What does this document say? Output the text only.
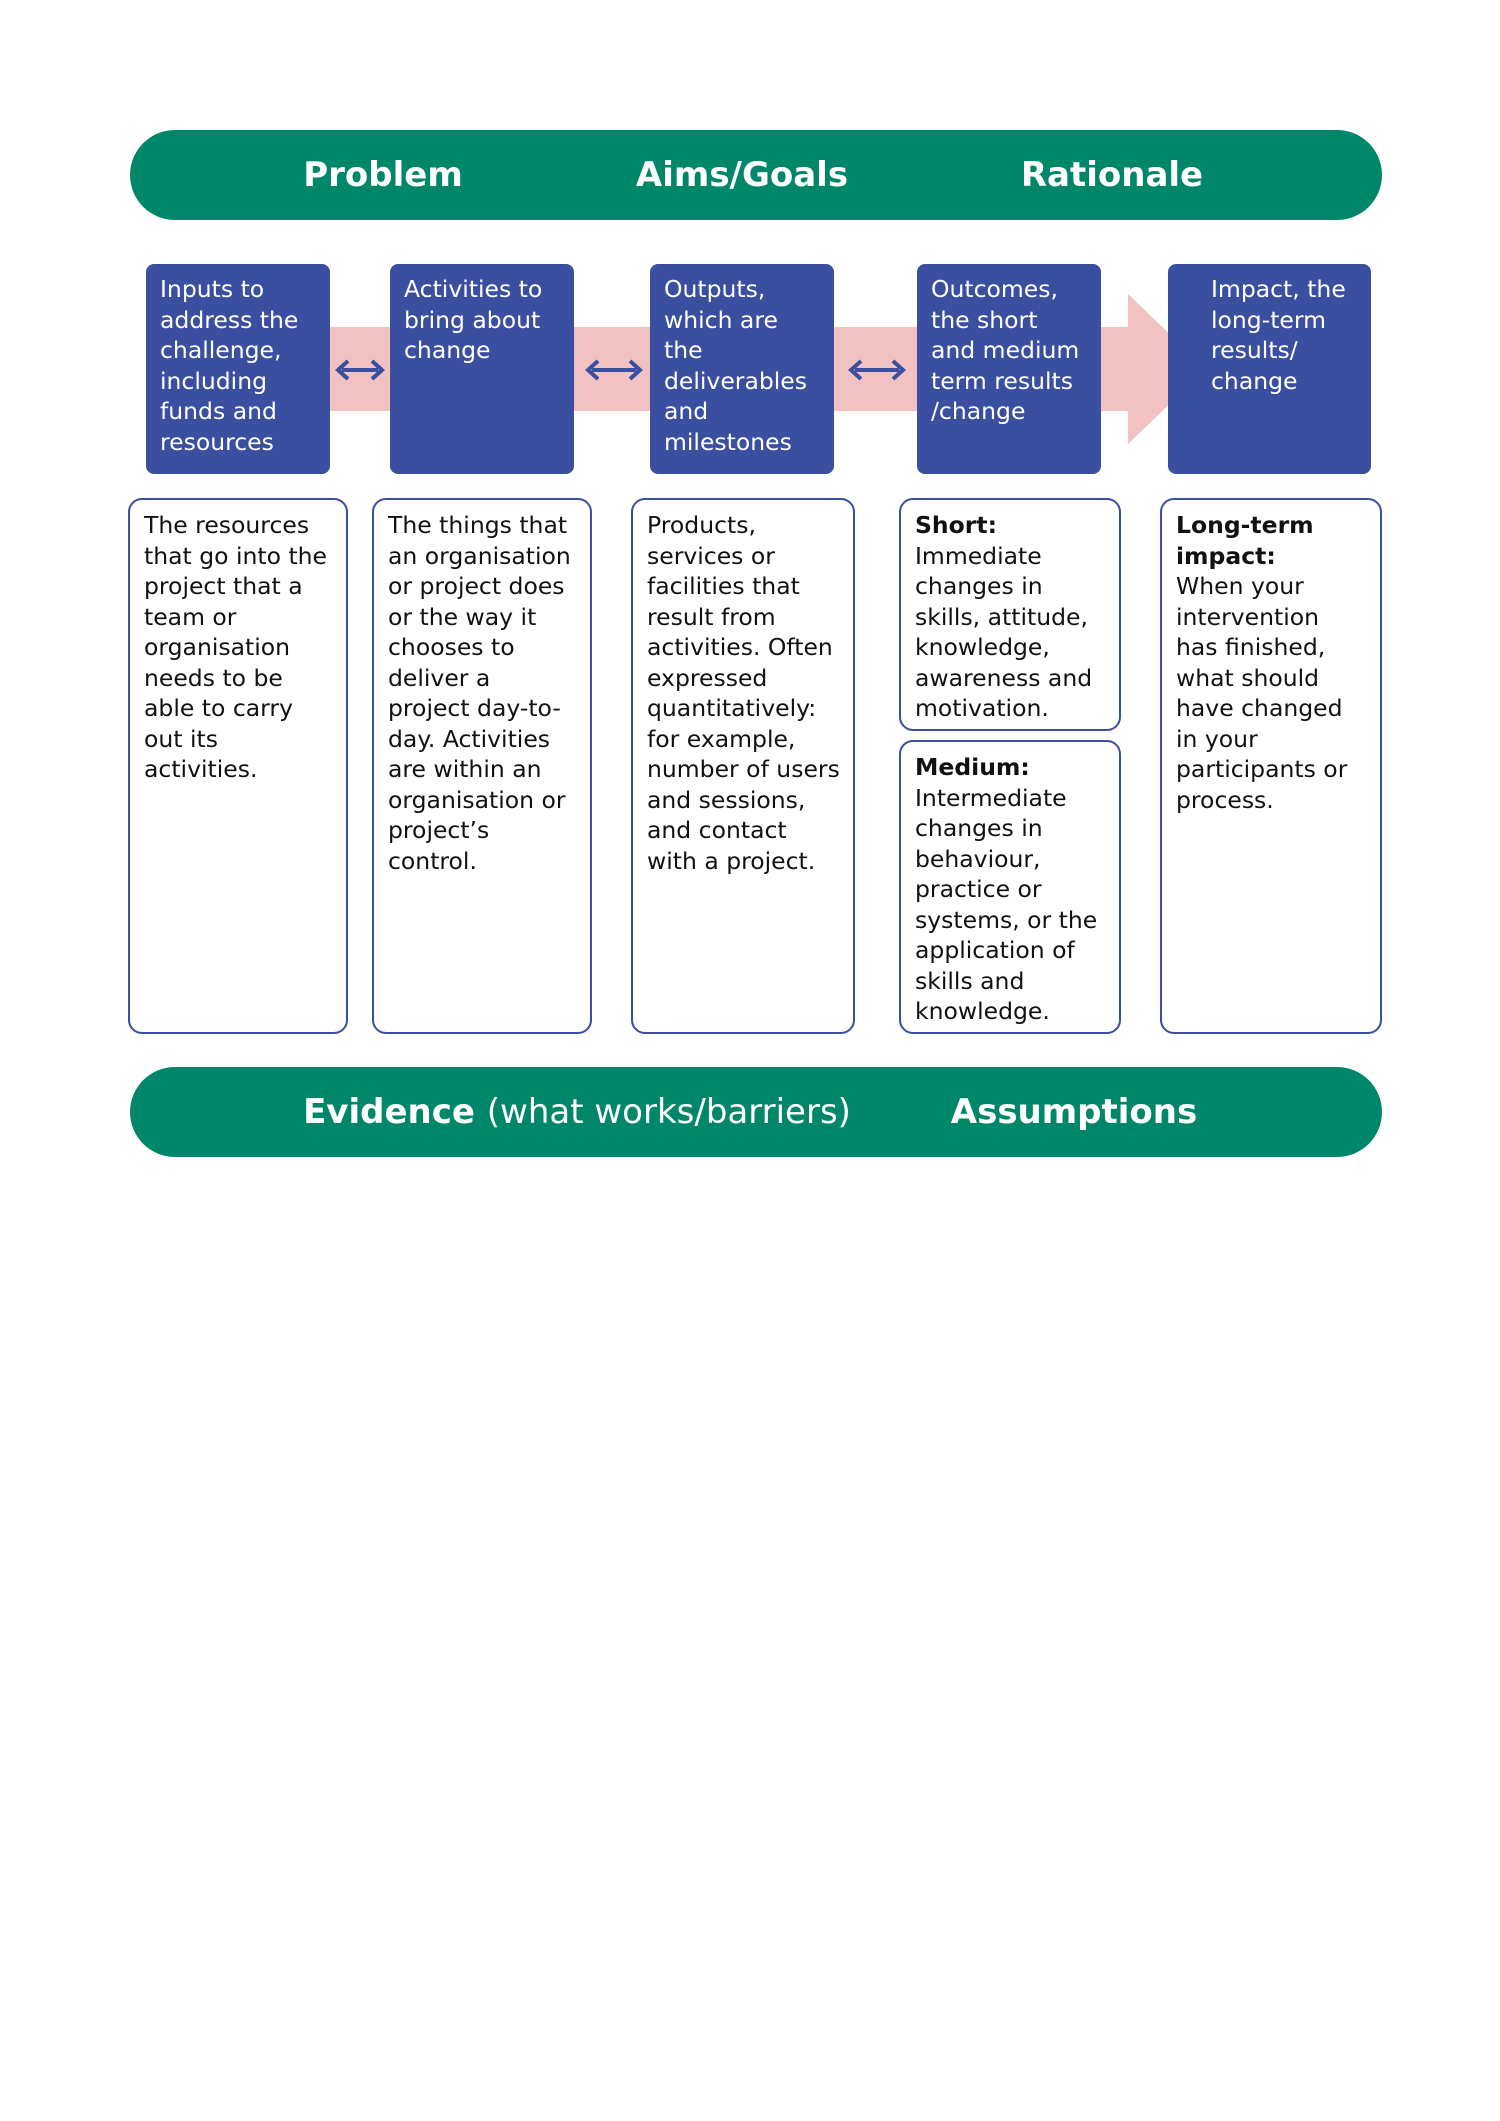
Problem	Aims/Goals	Rationale
Inputs to address the challenge, including funds and resources
Activities to bring about change
Outputs, which are the deliverables and milestones
Outcomes, the short and medium term results /change
Impact, the long-term results/ change
The resources that go into the project that a team or organisation needs to be able to carry out its activities.
The things that an organisation or project does or the way it chooses to deliver a project day-to-day. Activities are within an organisation or project’s control.
Products, services or facilities that result from activities. Often expressed quantitatively: for example, number of users and sessions, and contact with a project.
Short:
Immediate changes in skills, attitude, knowledge, awareness and motivation.
Medium:
Intermediate changes in behaviour, practice or systems, or the application of skills and knowledge.
Long-term impact:
When your intervention has finished, what should have changed in your participants or process.
Evidence (what works/barriers)	Assumptions
